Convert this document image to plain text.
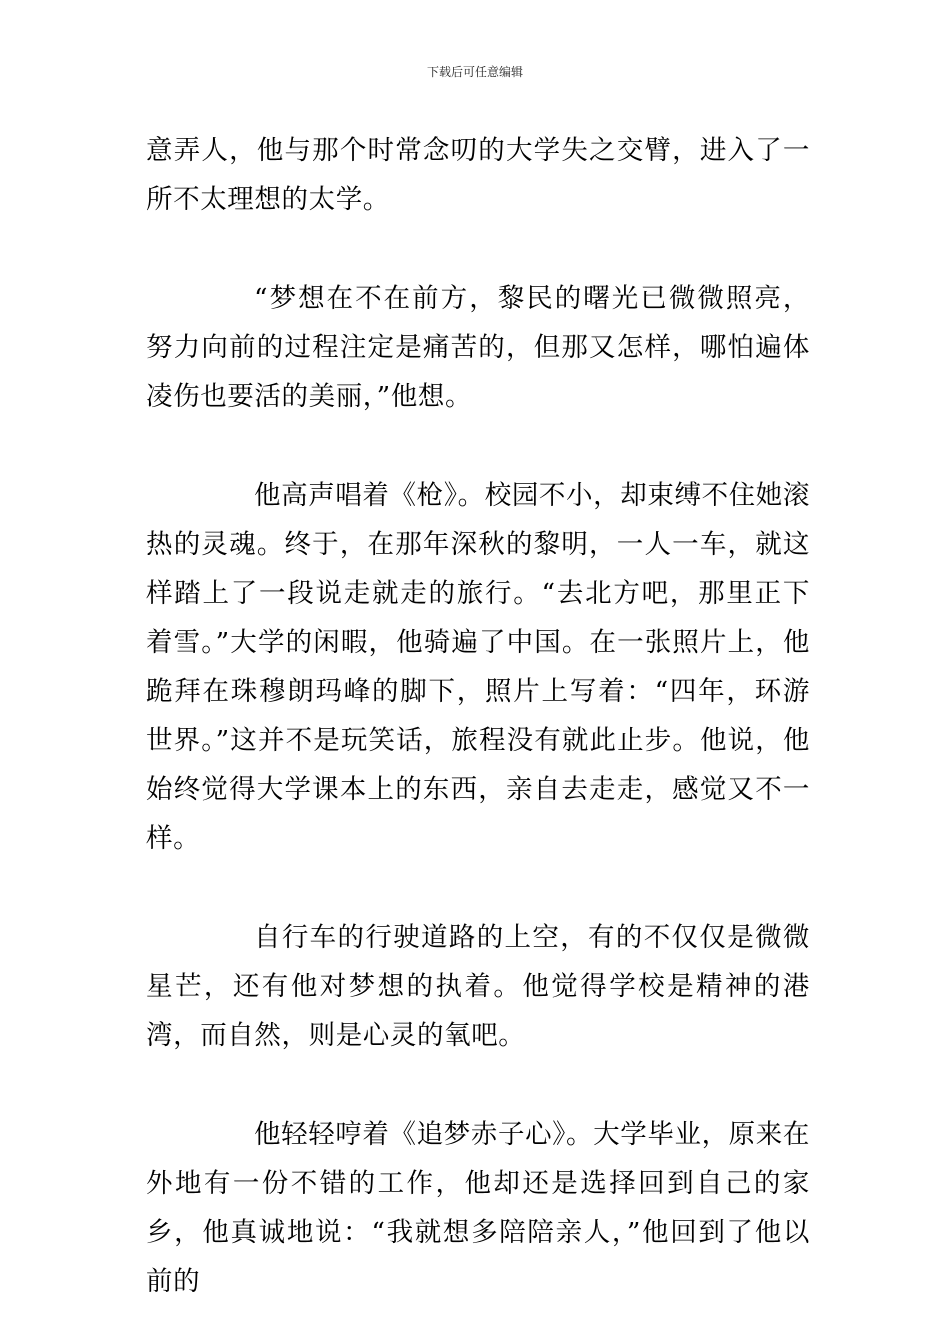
下载后可任意编辑

意弄人，他与那个时常念叨的大学失之交臂，进入了一所不太理想的太学。

“梦想在不在前方，黎民的曙光已微微照亮，努力向前的过程注定是痛苦的，但那又怎样，哪怕遍体凌伤也要活的美丽，”他想。

他高声唱着《枪》。校园不小，却束缚不住她滚热的灵魂。终于，在那年深秋的黎明，一人一车，就这样踏上了一段说走就走的旅行。“去北方吧，那里正下着雪。”大学的闲暇，他骑遍了中国。在一张照片上，他跪拜在珠穆朗玛峰的脚下，照片上写着：“四年，环游世界。”这并不是玩笑话，旅程没有就此止步。他说，他始终觉得大学课本上的东西，亲自去走走，感觉又不一样。

自行车的行驶道路的上空，有的不仅仅是微微星芒，还有他对梦想的执着。他觉得学校是精神的港湾，而自然，则是心灵的氧吧。

他轻轻哼着《追梦赤子心》。大学毕业，原来在外地有一份不错的工作，他却还是选择回到自己的家乡，他真诚地说：“我就想多陪陪亲人，”他回到了他以前的
